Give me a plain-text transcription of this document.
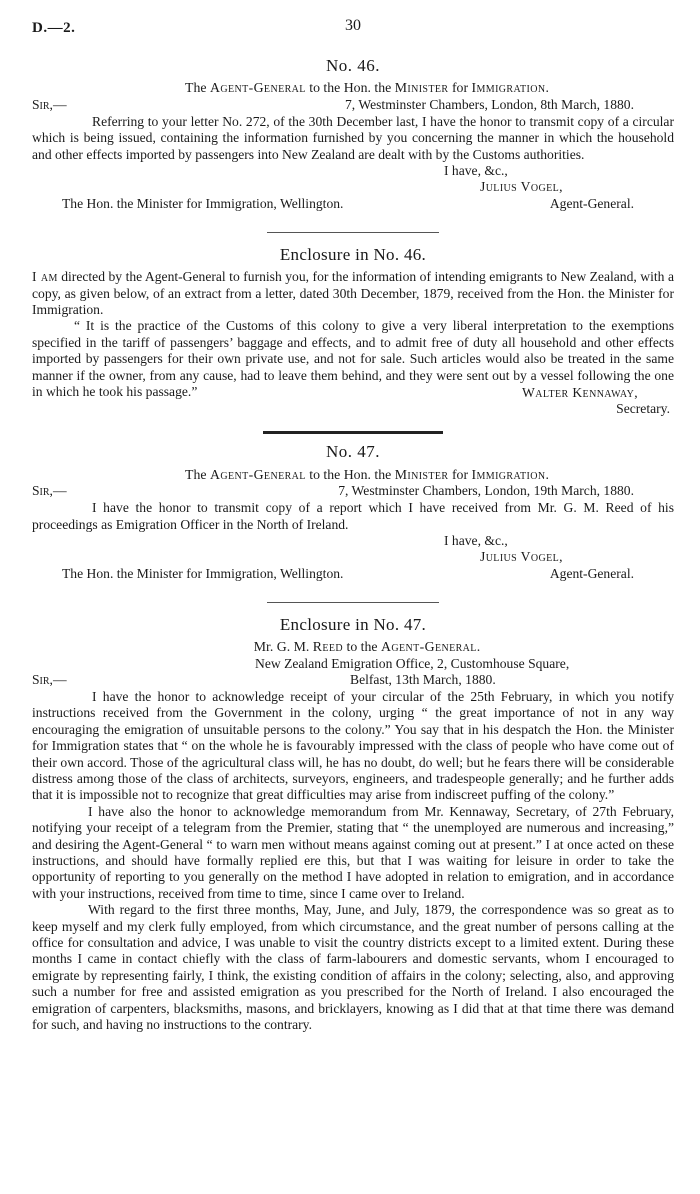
D.—2.	30
No. 46.
The Agent-General to the Hon. the Minister for Immigration.
Sir,—	7, Westminster Chambers, London, 8th March, 1880.

Referring to your letter No. 272, of the 30th December last, I have the honor to transmit copy of a circular which is being issued, containing the information furnished by you concerning the manner in which the household and other effects imported by passengers into New Zealand are dealt with by the Customs authorities.

I have, &c.,
Julius Vogel,
The Hon. the Minister for Immigration, Wellington.	Agent-General.
Enclosure in No. 46.

I am directed by the Agent-General to furnish you, for the information of intending emigrants to New Zealand, with a copy, as given below, of an extract from a letter, dated 30th December, 1879, received from the Hon. the Minister for Immigration.

“ It is the practice of the Customs of this colony to give a very liberal interpretation to the exemptions specified in the tariff of passengers’ baggage and effects, and to admit free of duty all household and other effects imported by passengers for their own private use, and not for sale. Such articles would also be treated in the same manner if the owner, from any cause, had to leave them behind, and they were sent out by a vessel following the one in which he took his passage.”	Walter Kennaway,
Secretary.
No. 47.
The Agent-General to the Hon. the Minister for Immigration.
Sir,—	7, Westminster Chambers, London, 19th March, 1880.

I have the honor to transmit copy of a report which I have received from Mr. G. M. Reed of his proceedings as Emigration Officer in the North of Ireland.

I have, &c.,
Julius Vogel,
The Hon. the Minister for Immigration, Wellington.	Agent-General.
Enclosure in No. 47.
Mr. G. M. Reed to the Agent-General.
New Zealand Emigration Office, 2, Customhouse Square,
Sir,—	Belfast, 13th March, 1880.

I have the honor to acknowledge receipt of your circular of the 25th February, in which you notify instructions received from the Government in the colony, urging “ the great importance of not in any way encouraging the emigration of unsuitable persons to the colony.” You say that in his despatch the Hon. the Minister for Immigration states that “ on the whole he is favourably impressed with the class of people who have come out of their own accord. Those of the agricultural class will, he has no doubt, do well; but he fears there will be considerable distress among those of the class of architects, surveyors, engineers, and tradespeople generally; and he further adds that it is impossible not to recognize that great difficulties may arise from indiscreet puffing of the colony.”

I have also the honor to acknowledge memorandum from Mr. Kennaway, Secretary, of 27th February, notifying your receipt of a telegram from the Premier, stating that “ the unemployed are numerous and increasing,” and desiring the Agent-General “ to warn men without means against coming out at present.” I at once acted on these instructions, and should have formally replied ere this, but that I was waiting for leisure in order to take the opportunity of reporting to you generally on the method I have adopted in relation to emigration, and in accordance with your instructions, received from time to time, since I came over to Ireland.

With regard to the first three months, May, June, and July, 1879, the correspondence was so great as to keep myself and my clerk fully employed, from which circumstance, and the great number of persons calling at the office for consultation and advice, I was unable to visit the country districts except to a limited extent. During these months I came in contact chiefly with the class of farm-labourers and domestic servants, whom I encouraged to emigrate by representing fairly, I think, the existing condition of affairs in the colony; selecting, also, and approving such a number for free and assisted emigration as you prescribed for the North of Ireland. I also encouraged the emigration of carpenters, blacksmiths, masons, and bricklayers, knowing as I did that at that time there was demand for such, and having no instructions to the contrary.
